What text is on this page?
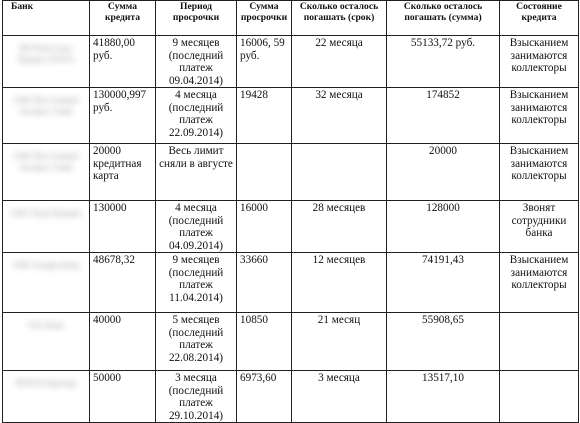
Банк	Сумма кредита	Период просрочки	Сумма просрочки	Сколько осталось погашать (срок)	Сколько осталось погашать (сумма)	Состояние кредита
КБ Ренессанс Кредит (ООО)	41880,00 руб.	9 месяцев (последний платеж 09.04.2014)	16006, 59 руб.	22 месяца	55133,72 руб.	Взысканием занимаются коллекторы
ОАО Восточный экспресс банк	130000,997 руб.	4 месяца (последний платеж 22.09.2014)	19428	32 месяца	174852	Взысканием занимаются коллекторы
ОАО Восточный экспресс банк	20000 кредитная карта	Весь лимит сняли в августе			20000	Взысканием занимаются коллекторы
ОАО Хоум Кредит	130000	4 месяца (последний платеж 04.09.2014)	16000	28 месяцев	128000	Звонят сотрудники банка
ОАО Альфа-Банк	48678,32	9 месяцев (последний платеж 11.04.2014)	33660	12 месяцев	74191,43	Взысканием занимаются коллекторы
Отп Банк	40000	5 месяцев (последний платеж 22.08.2014)	10850	21 месяц	55908,65	
ВТБ24 Партнер	50000	3 месяца (последний платеж 29.10.2014)	6973,60	3 месяца	13517,10	
